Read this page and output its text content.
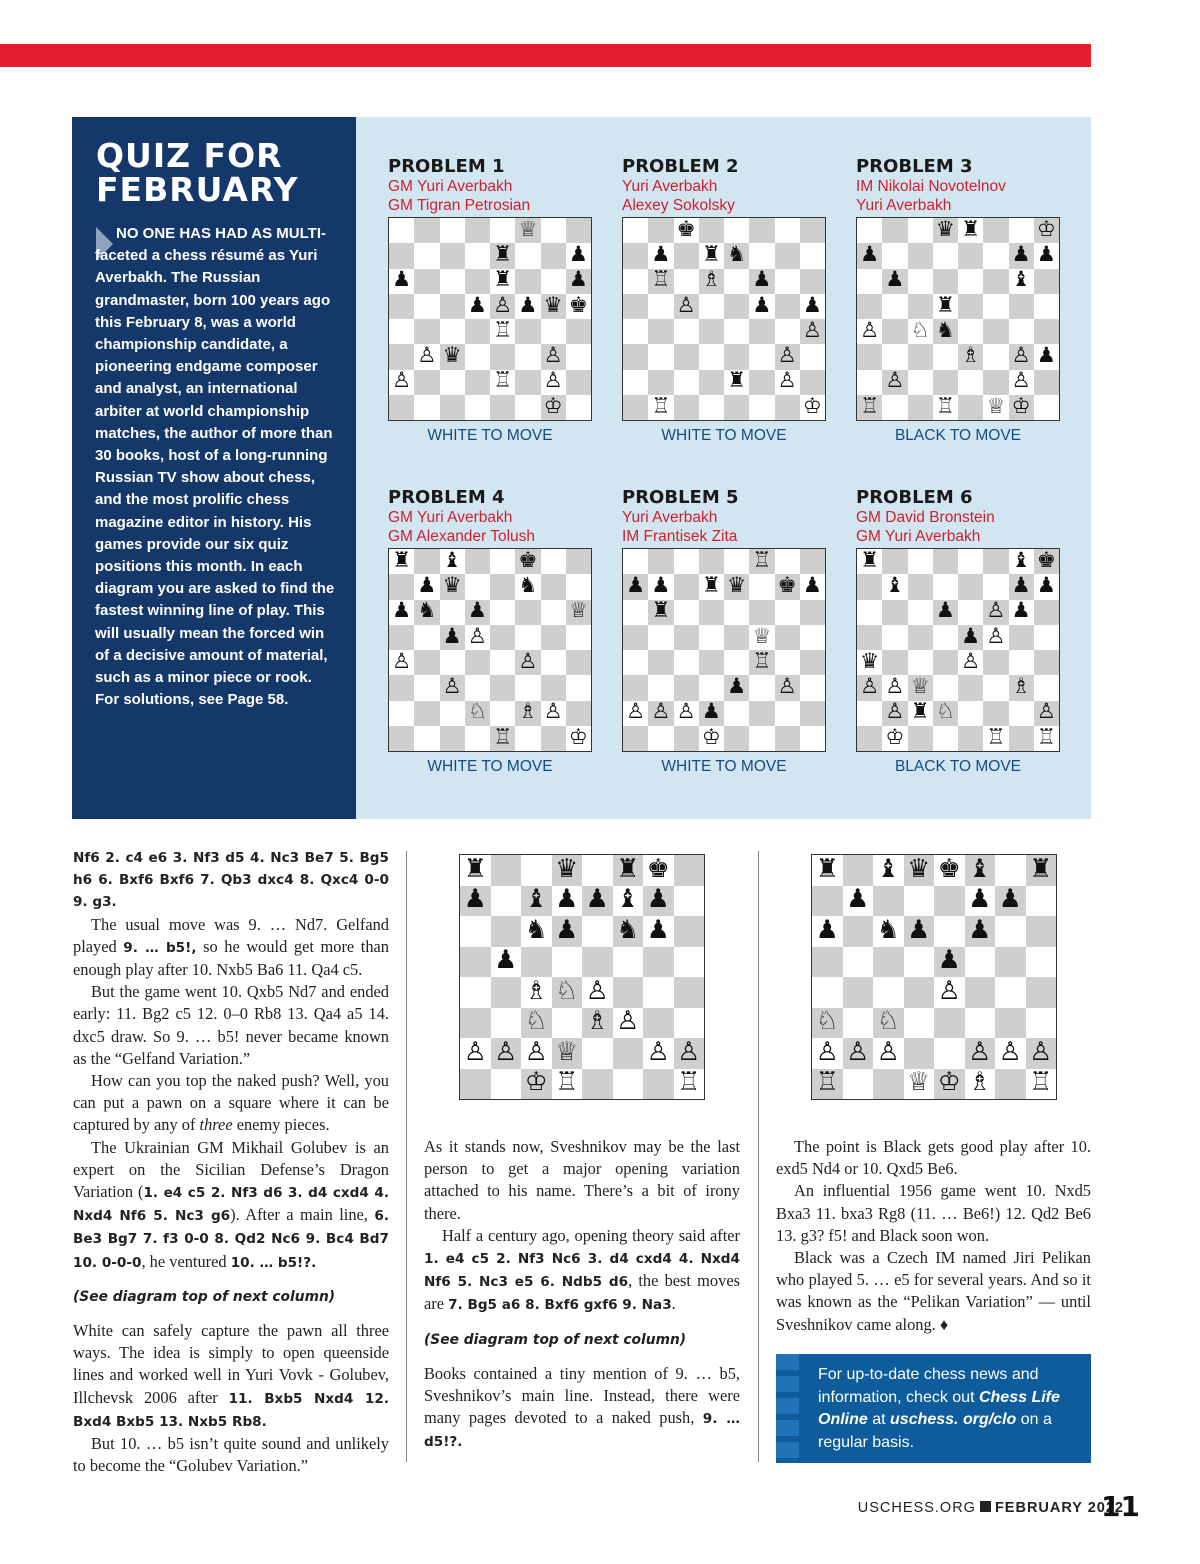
QUIZ FOR FEBRUARY
NO ONE HAS HAD AS MULTI-faceted a chess résumé as Yuri Averbakh. The Russian grandmaster, born 100 years ago this February 8, was a world championship candidate, a pioneering endgame composer and analyst, an international arbiter at world championship matches, the author of more than 30 books, host of a long-running Russian TV show about chess, and the most prolific chess magazine editor in history. His games provide our six quiz positions this month. In each diagram you are asked to find the fastest winning line of play. This will usually mean the forced win of a decisive amount of material, such as a minor piece or rook. For solutions, see Page 58.
PROBLEM 1
GM Yuri Averbakh
GM Tigran Petrosian
♕
♜	♟
♟	♜	♟
♟ ♙ ♟ ♛ ♚
♖
♙ ♛	♙
♙	♖ ♙
♔
WHITE TO MOVE
PROBLEM 2
Yuri Averbakh
Alexey Sokolsky
♚
♟ ♜ ♞
♖ ♗ ♟
♙	♟ ♟
♙
♙
♜ ♙
♖	♔
WHITE TO MOVE
PROBLEM 3
IM Nikolai Novotelnov
Yuri Averbakh
♛ ♜	♔
♟	♟ ♟
♟	♝
♜
♙ ♘ ♞
♗ ♙ ♟
♙	♙
♖	♖ ♕ ♔
BLACK TO MOVE
PROBLEM 4
GM Yuri Averbakh
GM Alexander Tolush
♜ ♝	♚
♟ ♛	♞
♟ ♞ ♟	♕
♟ ♙
♙	♙
♙
♘ ♗ ♙
♖	♔
WHITE TO MOVE
PROBLEM 5
Yuri Averbakh
IM Frantisek Zita
♖
♟ ♟ ♜ ♛ ♚ ♟
♜
♕
♖
♟ ♙
♙ ♙ ♙ ♟
♔
WHITE TO MOVE
PROBLEM 6
GM David Bronstein
GM Yuri Averbakh
♜	♝ ♚
♝	♟ ♟
♟ ♙ ♟
♟ ♙
♛	♙
♙ ♙ ♕	♗
♙ ♜ ♘	♙
♔	♖ ♖
BLACK TO MOVE

Nf6 2. c4 e6 3. Nf3 d5 4. Nc3 Be7 5. Bg5 h6 6. Bxf6 Bxf6 7. Qb3 dxc4 8. Qxc4 0-0 9. g3.

The usual move was 9. … Nd7. Gelfand played 9. … b5!, so he would get more than enough play after 10. Nxb5 Ba6 11. Qa4 c5.

But the game went 10. Qxb5 Nd7 and ended early: 11. Bg2 c5 12. 0–0 Rb8 13. Qa4 a5 14. dxc5 draw. So 9. … b5! never became known as the “Gelfand Variation.”

How can you top the naked push? Well, you can put a pawn on a square where it can be captured by any of three enemy pieces.

The Ukrainian GM Mikhail Golubev is an expert on the Sicilian Defense’s Dragon Variation (1. e4 c5 2. Nf3 d6 3. d4 cxd4 4. Nxd4 Nf6 5. Nc3 g6). After a main line, 6. Be3 Bg7 7. f3 0-0 8. Qd2 Nc6 9. Bc4 Bd7 10. 0-0-0, he ventured 10. … b5!?.

(See diagram top of next column)

White can safely capture the pawn all three ways. The idea is simply to open queenside lines and worked well in Yuri Vovk - Golubev, Illchevsk 2006 after 11. Bxb5 Nxd4 12. Bxd4 Bxb5 13. Nxb5 Rb8.

But 10. … b5 isn’t quite sound and unlikely to become the “Golubev Variation.”

♜	♛ ♜ ♚
♟ ♝ ♟ ♟ ♝ ♟
♞ ♟ ♞ ♟
♟
♗ ♘ ♙
♘ ♗ ♙
♙ ♙ ♙ ♕	♙ ♙
♔ ♖	♖
♜ ♝ ♛ ♚ ♝ ♜
♟	♟ ♟
♟ ♞ ♟ ♟
♟
♙
♘ ♘
♙ ♙ ♙	♙ ♙ ♙
♖	♕ ♔ ♗ ♖

As it stands now, Sveshnikov may be the last person to get a major opening variation attached to his name. There’s a bit of irony there.

Half a century ago, opening theory said after 1. e4 c5 2. Nf3 Nc6 3. d4 cxd4 4. Nxd4 Nf6 5. Nc3 e5 6. Ndb5 d6, the best moves are 7. Bg5 a6 8. Bxf6 gxf6 9. Na3.

(See diagram top of next column)

Books contained a tiny mention of 9. … b5, Sveshnikov’s main line. Instead, there were many pages devoted to a naked push, 9. … d5!?.

The point is Black gets good play after 10. exd5 Nd4 or 10. Qxd5 Be6.

An influential 1956 game went 10. Nxd5 Bxa3 11. bxa3 Rg8 (11. … Be6!) 12. Qd2 Be6 13. g3? f5! and Black soon won.

Black was a Czech IM named Jiri Pelikan who played 5. … e5 for several years. And so it was known as the “Pelikan Variation” — until Sveshnikov came along. ♦

For up-to-date chess news and information, check out Chess Life Online at uschess. org/clo on a regular basis.
USCHESS.ORG FEBRUARY 2022
11
